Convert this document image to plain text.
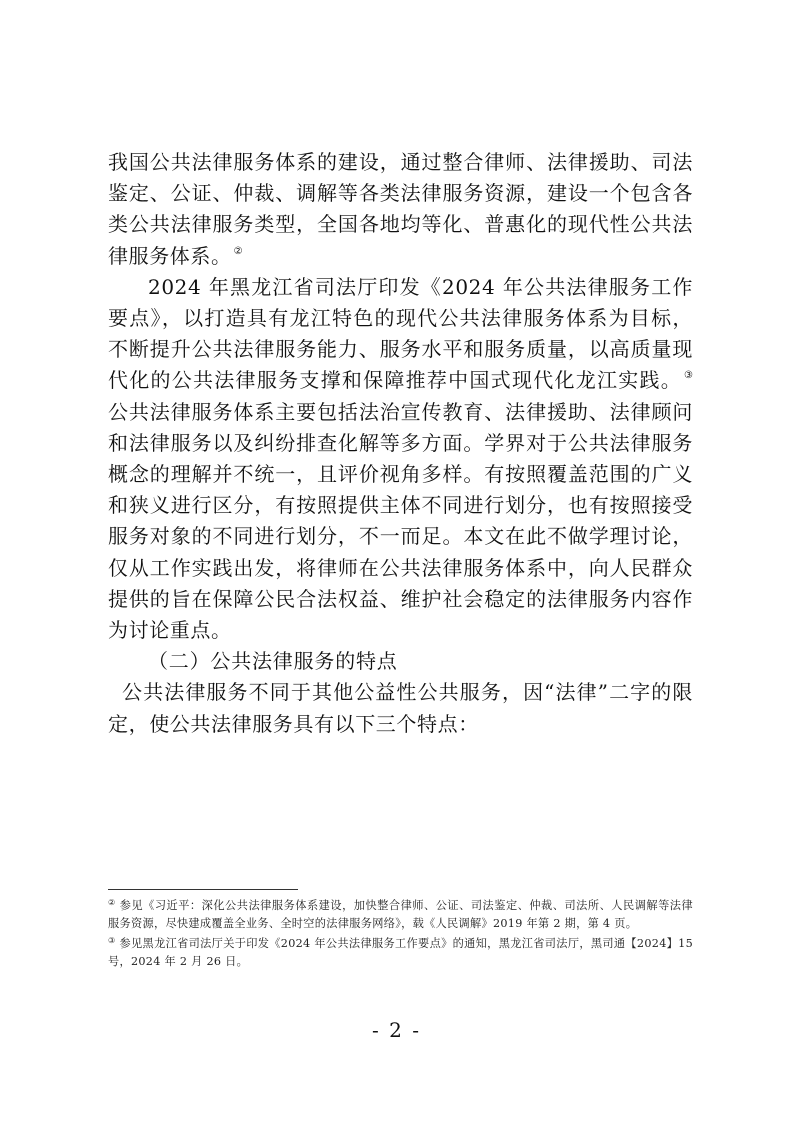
我国公共法律服务体系的建设，通过整合律师、法律援助、司法鉴定、公证、仲裁、调解等各类法律服务资源，建设一个包含各类公共法律服务类型，全国各地均等化、普惠化的现代性公共法律服务体系。 ②

2024 年黑龙江省司法厅印发《2024 年公共法律服务工作要点》，以打造具有龙江特色的现代公共法律服务体系为目标，不断提升公共法律服务能力、服务水平和服务质量，以高质量现代化的公共法律服务支撑和保障推荐中国式现代化龙江实践。 ③公共法律服务体系主要包括法治宣传教育、法律援助、法律顾问和法律服务以及纠纷排查化解等多方面。学界对于公共法律服务概念的理解并不统一，且评价视角多样。有按照覆盖范围的广义和狭义进行区分，有按照提供主体不同进行划分，也有按照接受服务对象的不同进行划分，不一而足。本文在此不做学理讨论，仅从工作实践出发，将律师在公共法律服务体系中，向人民群众提供的旨在保障公民合法权益、维护社会稳定的法律服务内容作为讨论重点。

（二）公共法律服务的特点

公共法律服务不同于其他公益性公共服务，因“法律”二字的限定，使公共法律服务具有以下三个特点：

② 参见《习近平：深化公共法律服务体系建设，加快整合律师、公证、司法鉴定、仲裁、司法所、人民调解等法律服务资源，尽快建成覆盖全业务、全时空的法律服务网络》，载《人民调解》2019 年第 2 期，第 4 页。

③ 参见黑龙江省司法厅关于印发《2024 年公共法律服务工作要点》的通知，黑龙江省司法厅，黑司通【2024】15 号，2024 年 2 月 26 日。

- 2 -
